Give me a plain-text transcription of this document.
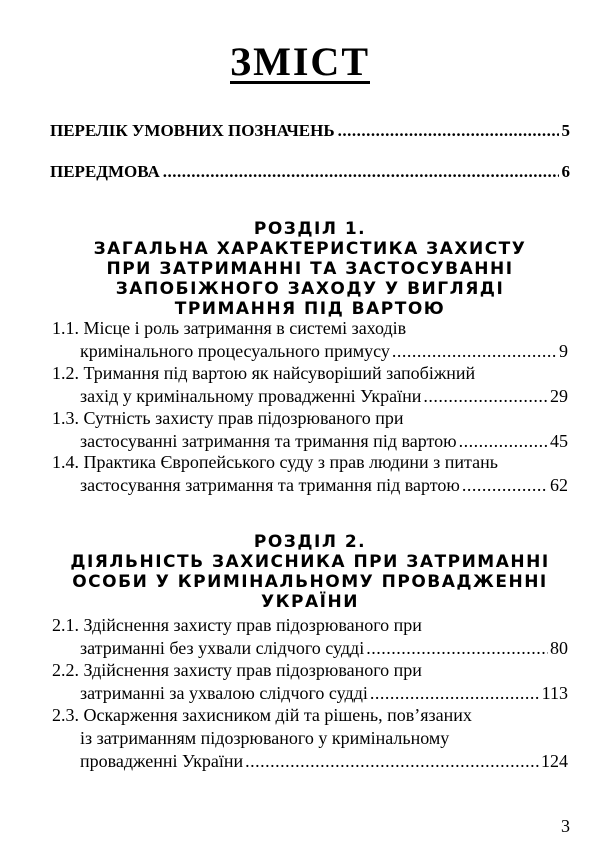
ЗМІСТ
ПЕРЕЛІК УМОВНИХ ПОЗНАЧЕНЬ .....	5
ПЕРЕДМОВА .....	6
РОЗДІЛ 1.
ЗАГАЛЬНА ХАРАКТЕРИСТИКА ЗАХИСТУ
ПРИ ЗАТРИМАННІ ТА ЗАСТОСУВАННІ
ЗАПОБІЖНОГО ЗАХОДУ У ВИГЛЯДІ
ТРИМАННЯ ПІД ВАРТОЮ
1.1. Місце і роль затримання в системі заходів
кримінального процесуального примусу .....	9
1.2. Тримання під вартою як найсуворіший запобіжний
захід у кримінальному провадженні України .....	29
1.3. Сутність захисту прав підозрюваного при
застосуванні затримання та тримання під вартою .....	45
1.4. Практика Європейського суду з прав людини з питань
застосування затримання та тримання під вартою .....	62
РОЗДІЛ 2.
ДІЯЛЬНІСТЬ ЗАХИСНИКА ПРИ ЗАТРИМАННІ
ОСОБИ У КРИМІНАЛЬНОМУ ПРОВАДЖЕННІ
УКРАЇНИ
2.1. Здійснення захисту прав підозрюваного при
затриманні без ухвали слідчого судді .....	80
2.2. Здійснення захисту прав підозрюваного при
затриманні за ухвалою слідчого судді .....	113
2.3. Оскарження захисником дій та рішень, пов’язаних
із затриманням підозрюваного у кримінальному
провадженні України .....	124
3
